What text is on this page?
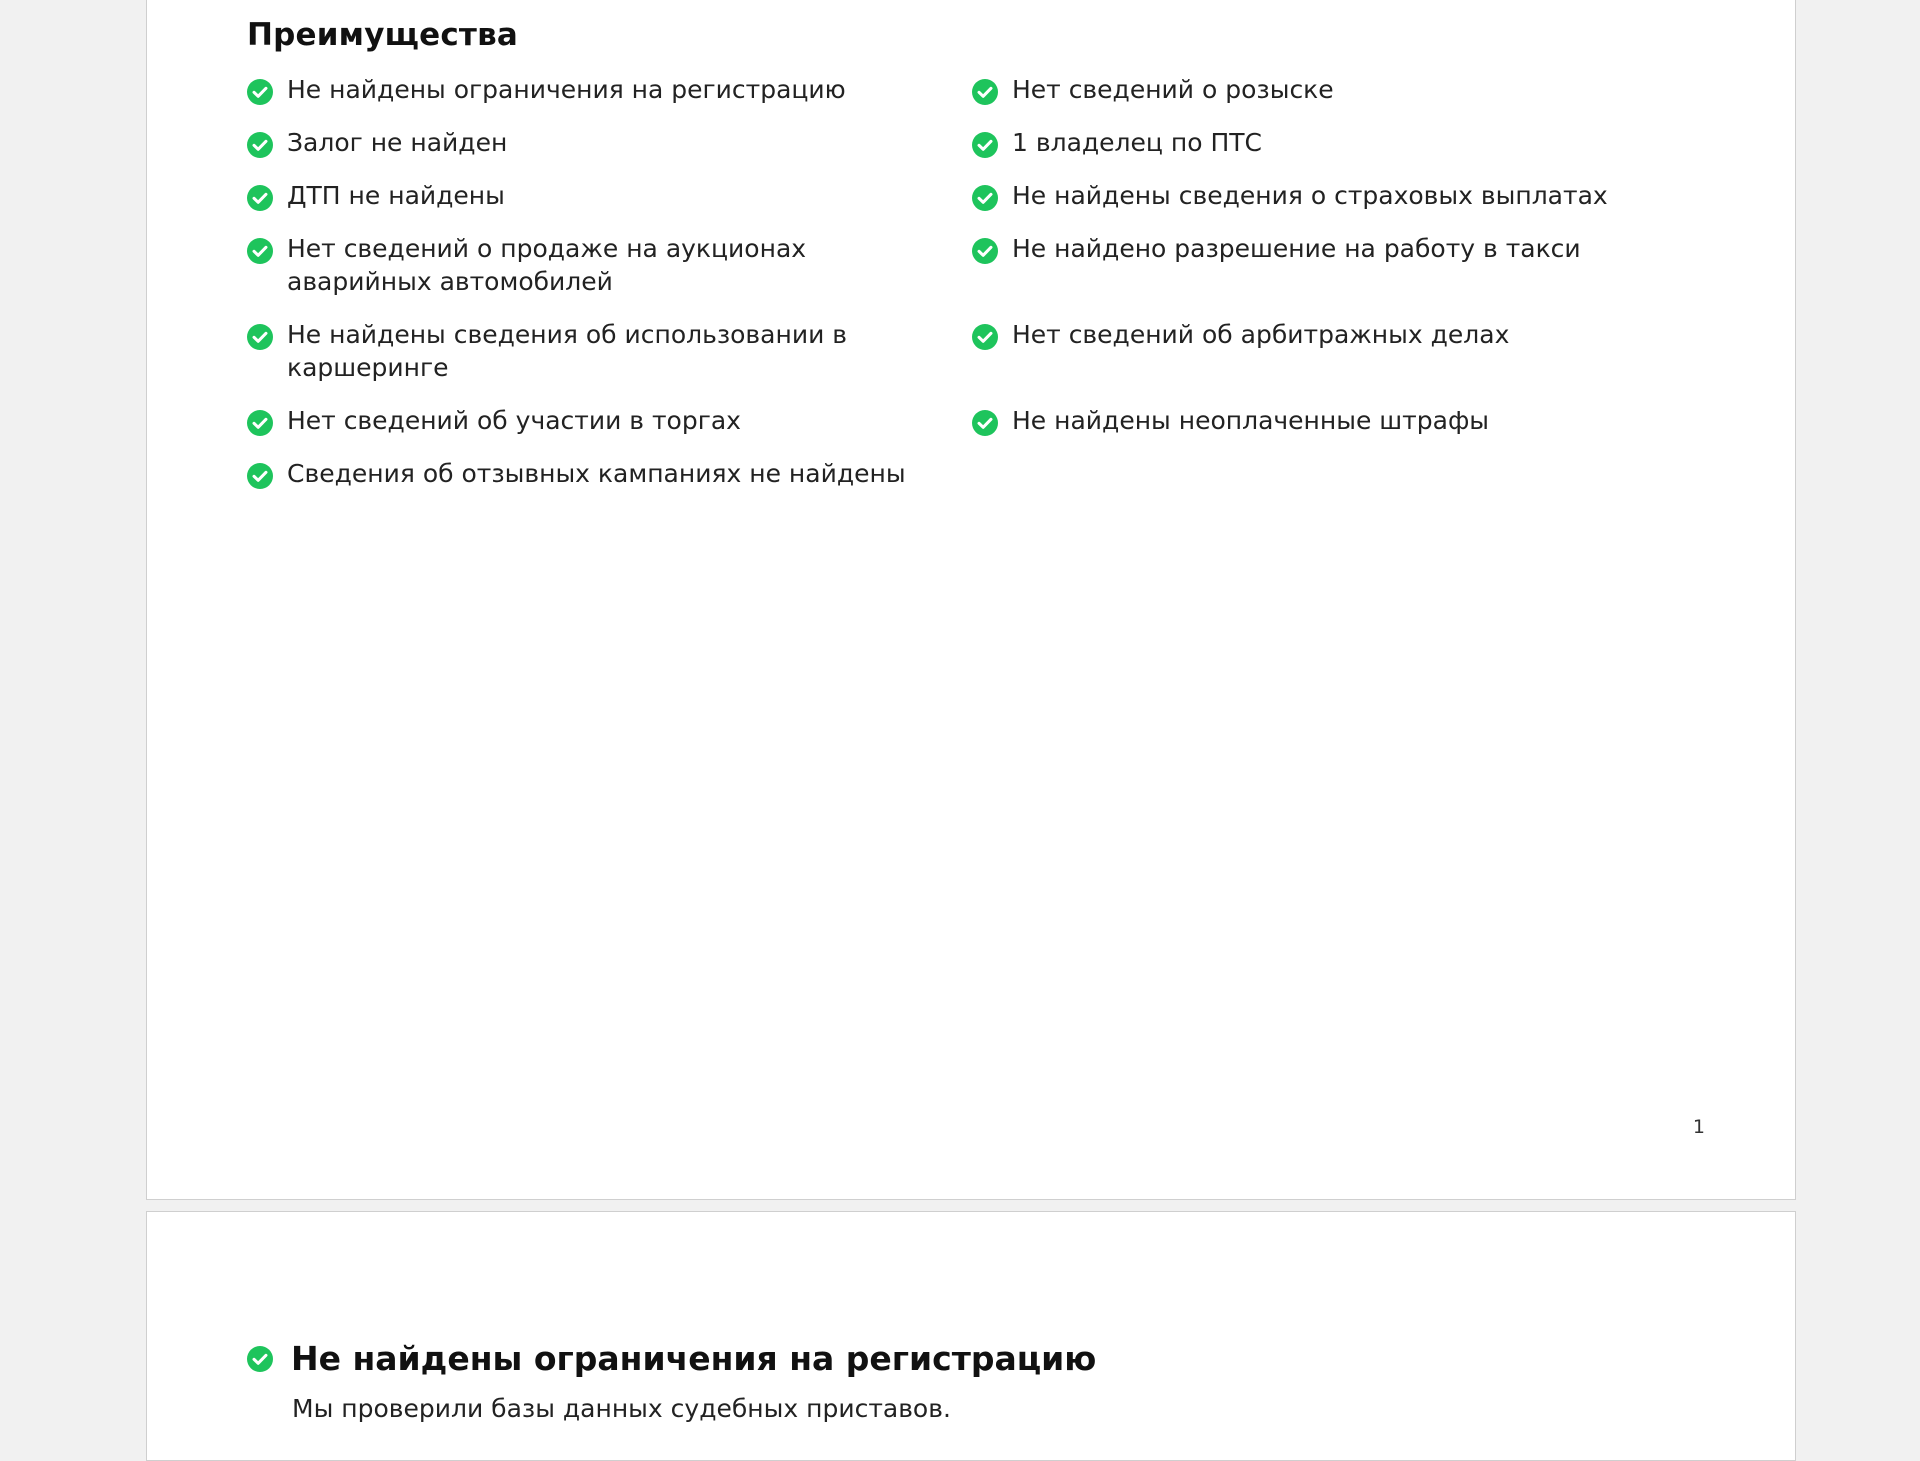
Преимущества
Не найдены ограничения на регистрацию
Залог не найден
ДТП не найдены
Нет сведений о продаже на аукционах аварийных автомобилей
Не найдены сведения об использовании в каршеринге
Нет сведений об участии в торгах
Сведения об отзывных кампаниях не найдены
Нет сведений о розыске
1 владелец по ПТС
Не найдены сведения о страховых выплатах
Не найдено разрешение на работу в такси
Нет сведений об арбитражных делах
Не найдены неоплаченные штрафы
1
Не найдены ограничения на регистрацию

Мы проверили базы данных судебных приставов.
